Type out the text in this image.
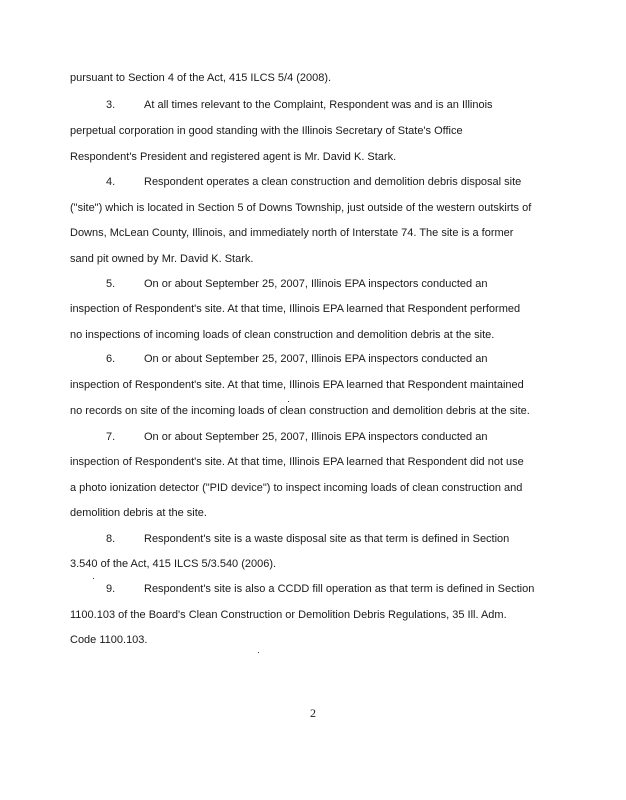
pursuant to Section 4 of the Act, 415 ILCS 5/4 (2008).
3.	At all times relevant to the Complaint, Respondent was and is an Illinois
perpetual corporation in good standing with the Illinois Secretary of State's Office
Respondent's President and registered agent is Mr. David K. Stark.
4.	Respondent operates a clean construction and demolition debris disposal site
("site") which is located in Section 5 of Downs Township, just outside of the western outskirts of
Downs, McLean County, Illinois, and immediately north of Interstate 74. The site is a former
sand pit owned by Mr. David K. Stark.
5.	On or about September 25, 2007, Illinois EPA inspectors conducted an
inspection of Respondent's site. At that time, Illinois EPA learned that Respondent performed
no inspections of incoming loads of clean construction and demolition debris at the site.
6.	On or about September 25, 2007, Illinois EPA inspectors conducted an
inspection of Respondent's site. At that time, Illinois EPA learned that Respondent maintained
no records on site of the incoming loads of clean construction and demolition debris at the site.
7.	On or about September 25, 2007, Illinois EPA inspectors conducted an
inspection of Respondent's site. At that time, Illinois EPA learned that Respondent did not use
a photo ionization detector ("PID device") to inspect incoming loads of clean construction and
demolition debris at the site.
8.	Respondent's site is a waste disposal site as that term is defined in Section
3.540 of the Act, 415 ILCS 5/3.540 (2006).
9.	Respondent's site is also a CCDD fill operation as that term is defined in Section
1100.103 of the Board's Clean Construction or Demolition Debris Regulations, 35 Ill. Adm.
Code 1100.103.
2
